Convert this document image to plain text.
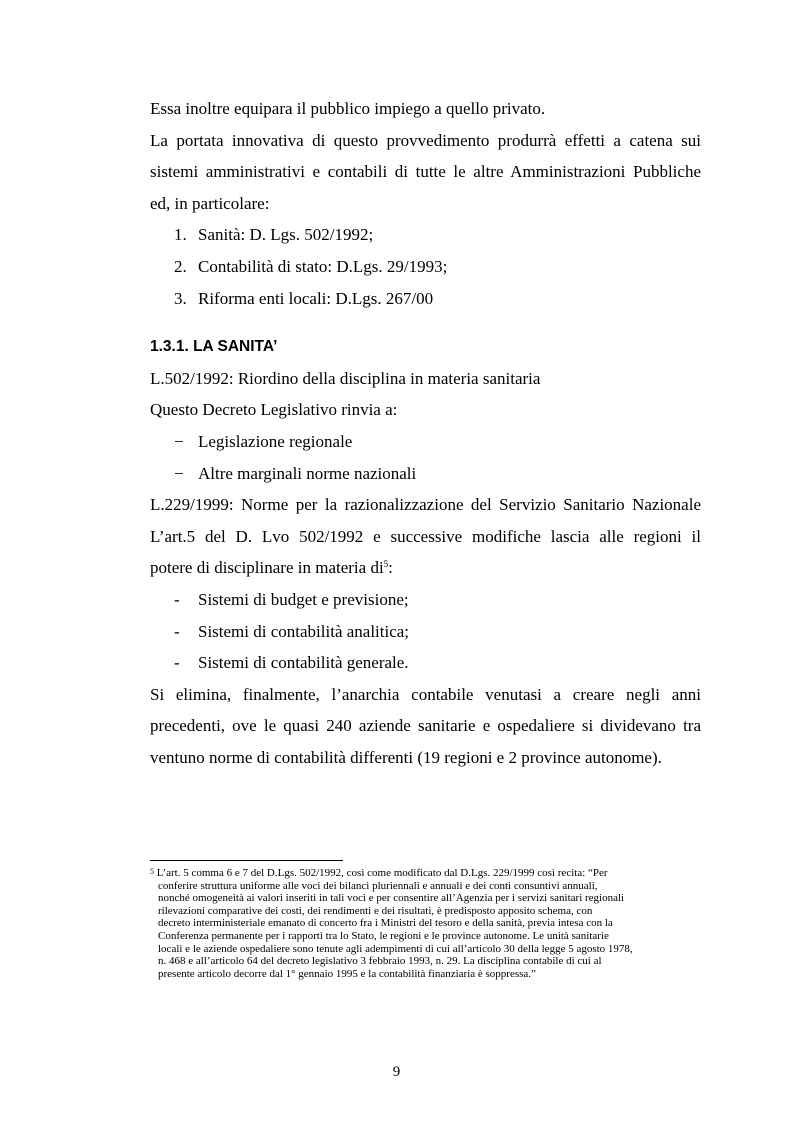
Essa inoltre equipara il pubblico impiego a quello privato.
La portata innovativa di questo provvedimento produrrà effetti a catena sui
sistemi amministrativi e contabili di tutte le altre Amministrazioni Pubbliche
ed, in particolare:
1. Sanità: D. Lgs. 502/1992;
2. Contabilità di stato: D.Lgs. 29/1993;
3. Riforma enti locali: D.Lgs. 267/00
1.3.1. LA SANITA’
L.502/1992: Riordino della disciplina in materia sanitaria
Questo Decreto Legislativo rinvia a:
− Legislazione regionale
− Altre marginali norme nazionali
L.229/1999: Norme per la razionalizzazione del Servizio Sanitario Nazionale
L’art.5 del D. Lvo 502/1992 e successive modifiche lascia alle regioni il
potere di disciplinare in materia di$^5$:
- Sistemi di budget e previsione;
- Sistemi di contabilità analitica;
- Sistemi di contabilità generale.
Si elimina, finalmente, l’anarchia contabile venutasi a creare negli anni
precedenti, ove le quasi 240 aziende sanitarie e ospedaliere si dividevano tra
ventuno norme di contabilità differenti (19 regioni e 2 province autonome).
5 L’art. 5 comma 6 e 7 del D.Lgs. 502/1992, così come modificato dal D.Lgs. 229/1999 così recita: “Per
conferire struttura uniforme alle voci dei bilanci pluriennali e annuali e dei conti consuntivi annuali,
nonché omogeneità ai valori inseriti in tali voci e per consentire all’Agenzia per i servizi sanitari regionali
rilevazioni comparative dei costi, dei rendimenti e dei risultati, è predisposto apposito schema, con
decreto interministeriale emanato di concerto fra i Ministri del tesoro e della sanità, previa intesa con la
Conferenza permanente per i rapporti tra lo Stato, le regioni e le province autonome. Le unità sanitarie
locali e le aziende ospedaliere sono tenute agli adempimenti di cui all’articolo 30 della legge 5 agosto 1978,
n. 468 e all’articolo 64 del decreto legislativo 3 febbraio 1993, n. 29. La disciplina contabile di cui al
presente articolo decorre dal 1° gennaio 1995 e la contabilità finanziaria è soppressa.”
9
